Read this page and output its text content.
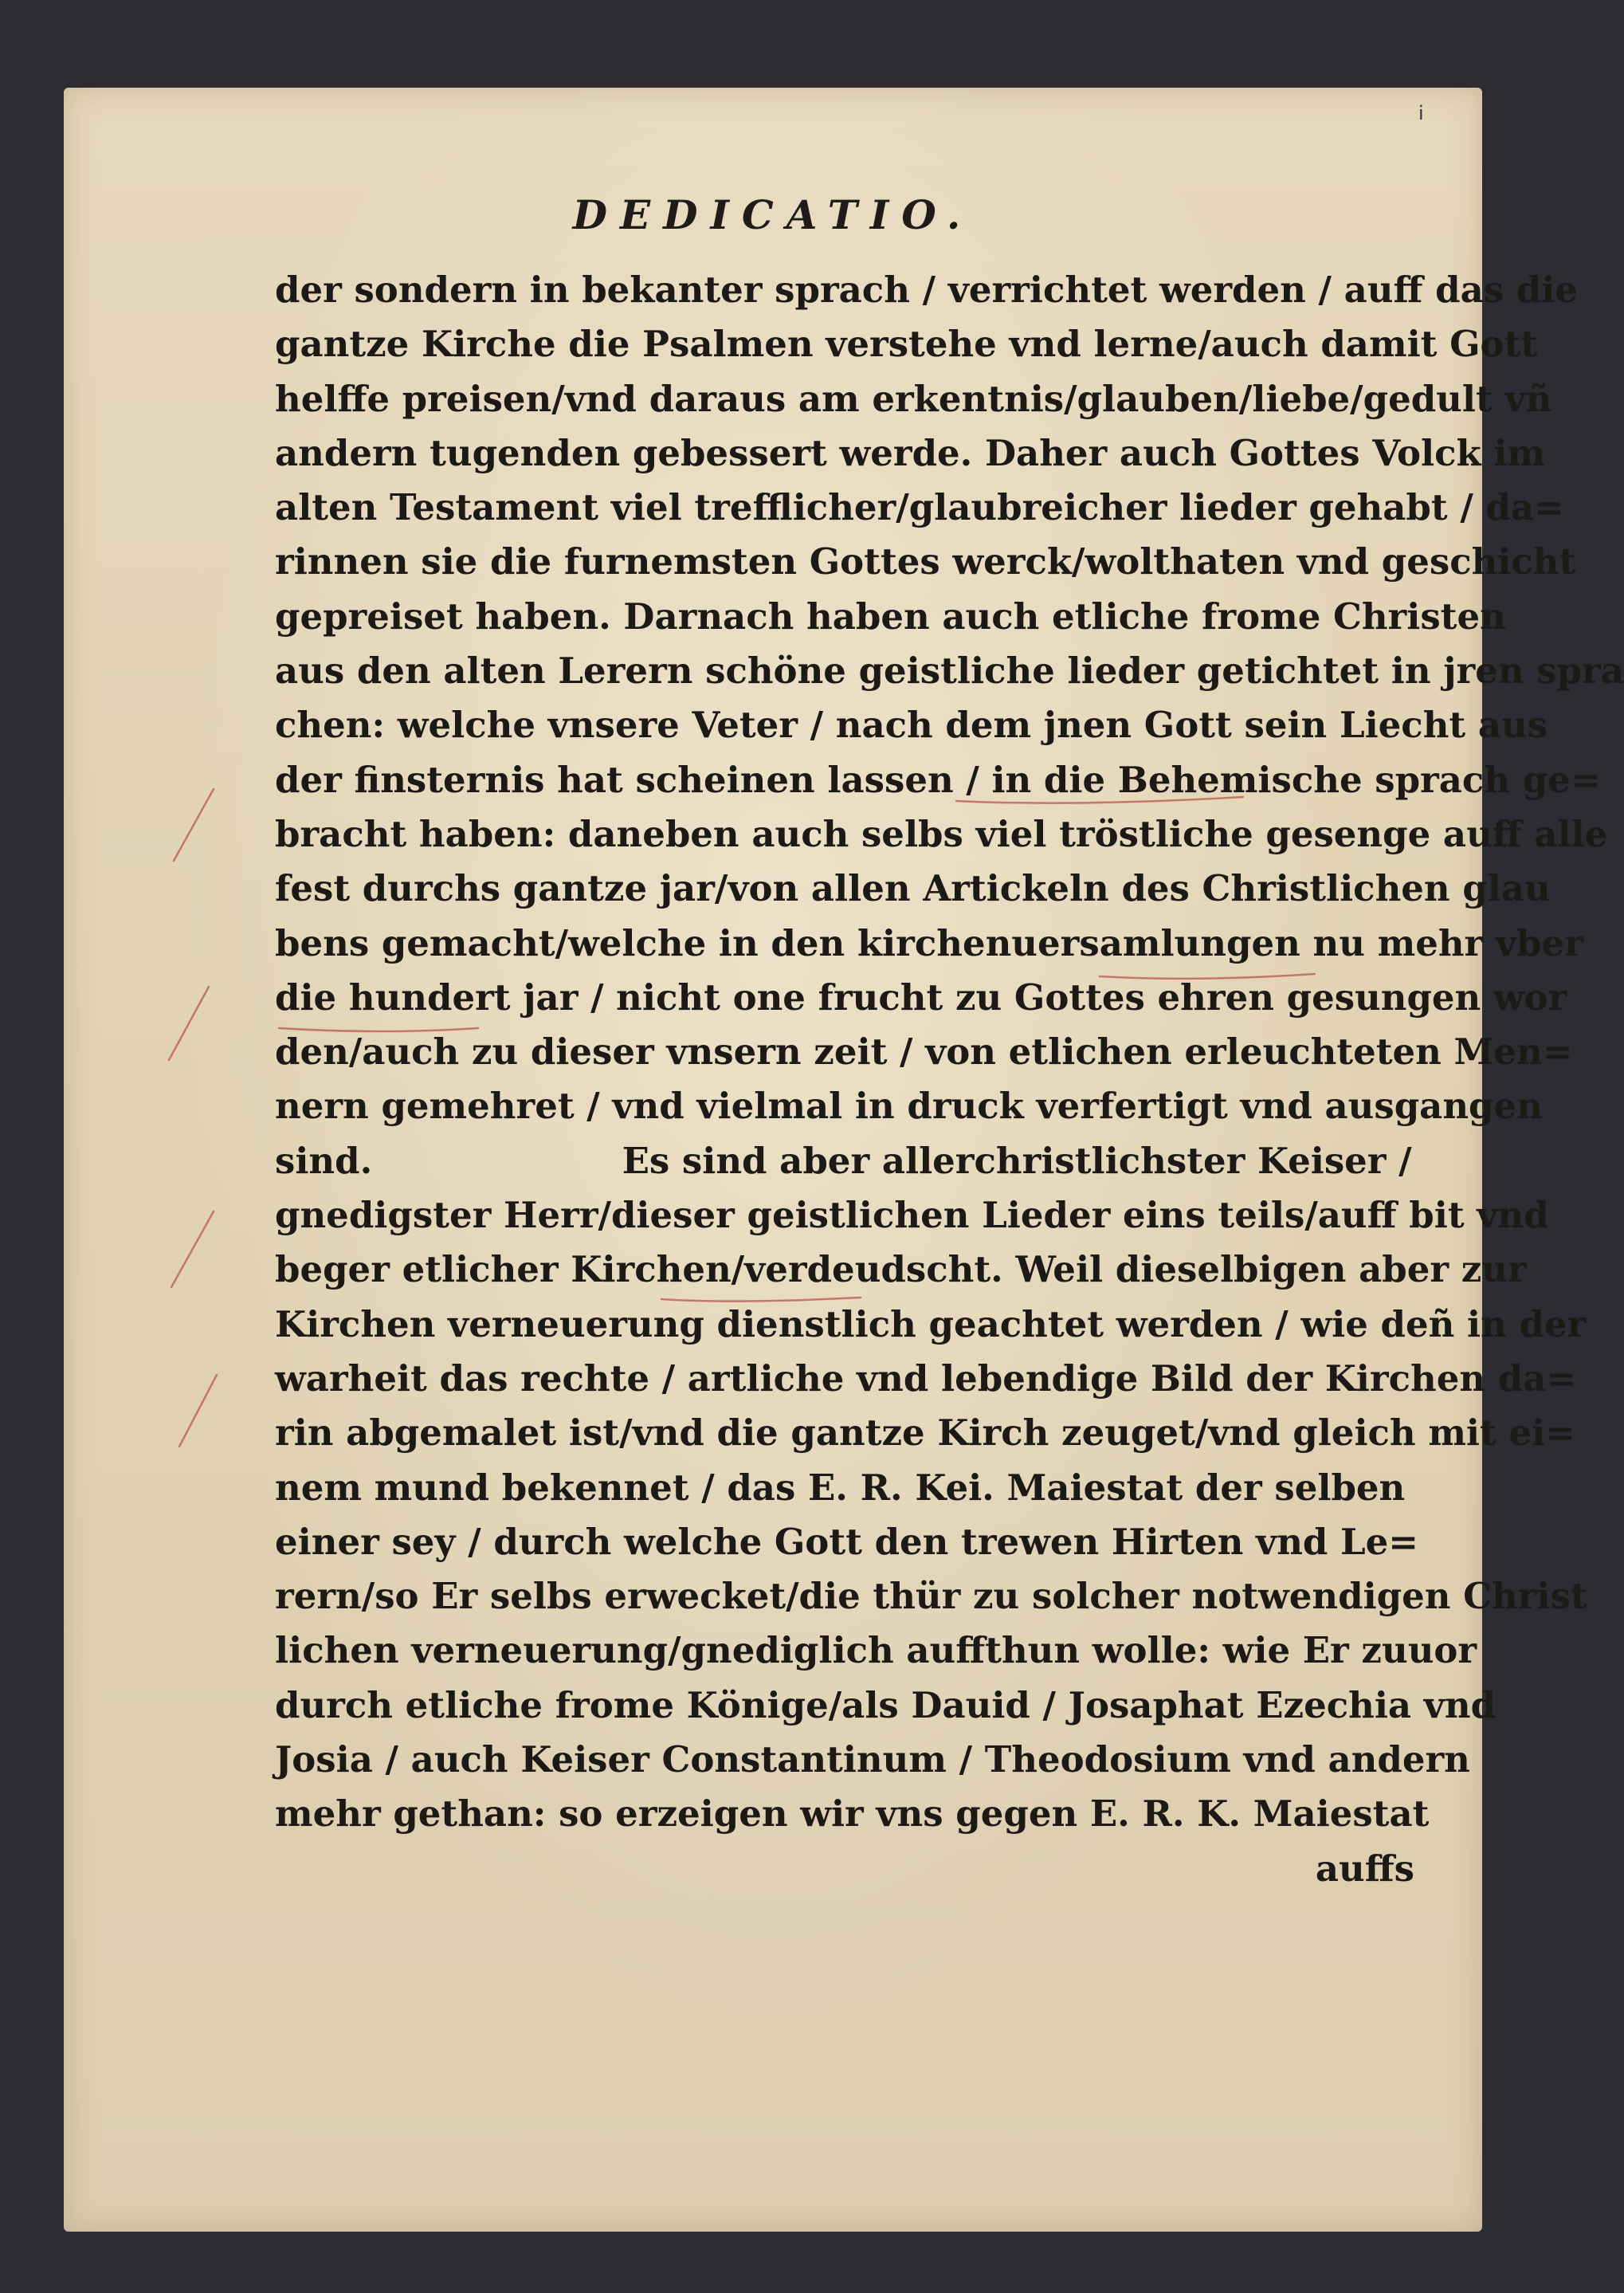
i
DEDICATIO.
der sondern in bekanter sprach / verrichtet werden / auff das die
gantze Kirche die Psalmen verstehe vnd lerne/auch damit Gott
helffe preisen/vnd daraus am erkentnis/glauben/liebe/gedult vñ
andern tugenden gebessert werde. Daher auch Gottes Volck im
alten Testament viel trefflicher/glaubreicher lieder gehabt / da=
rinnen sie die furnemsten Gottes werck/wolthaten vnd geschicht
gepreiset haben. Darnach haben auch etliche frome Christen
aus den alten Lerern schöne geistliche lieder getichtet in jren spra
chen: welche vnsere Veter / nach dem jnen Gott sein Liecht aus
der finsternis hat scheinen lassen / in die Behemische sprach ge=
bracht haben: daneben auch selbs viel tröstliche gesenge auff alle
fest durchs gantze jar/von allen Artickeln des Christlichen glau
bens gemacht/welche in den kirchenuersamlungen nu mehr vber
die hundert jar / nicht one frucht zu Gottes ehren gesungen wor
den/auch zu dieser vnsern zeit / von etlichen erleuchteten Men=
nern gemehret / vnd vielmal in druck verfertigt vnd ausgangen
sind.                    Es sind aber allerchristlichster Keiser /
gnedigster Herr/dieser geistlichen Lieder eins teils/auff bit vnd
beger etlicher Kirchen/verdeudscht. Weil dieselbigen aber zur
Kirchen verneuerung dienstlich geachtet werden / wie deñ in der
warheit das rechte / artliche vnd lebendige Bild der Kirchen da=
rin abgemalet ist/vnd die gantze Kirch zeuget/vnd gleich mit ei=
nem mund bekennet / das E. R. Kei. Maiestat der selben
einer sey / durch welche Gott den trewen Hirten vnd Le=
rern/so Er selbs erwecket/die thür zu solcher notwendigen Christ
lichen verneuerung/gnediglich auffthun wolle: wie Er zuuor
durch etliche frome Könige/als Dauid / Josaphat Ezechia vnd
Josia / auch Keiser Constantinum / Theodosium vnd andern
mehr gethan: so erzeigen wir vns gegen E. R. K. Maiestat
auffs
